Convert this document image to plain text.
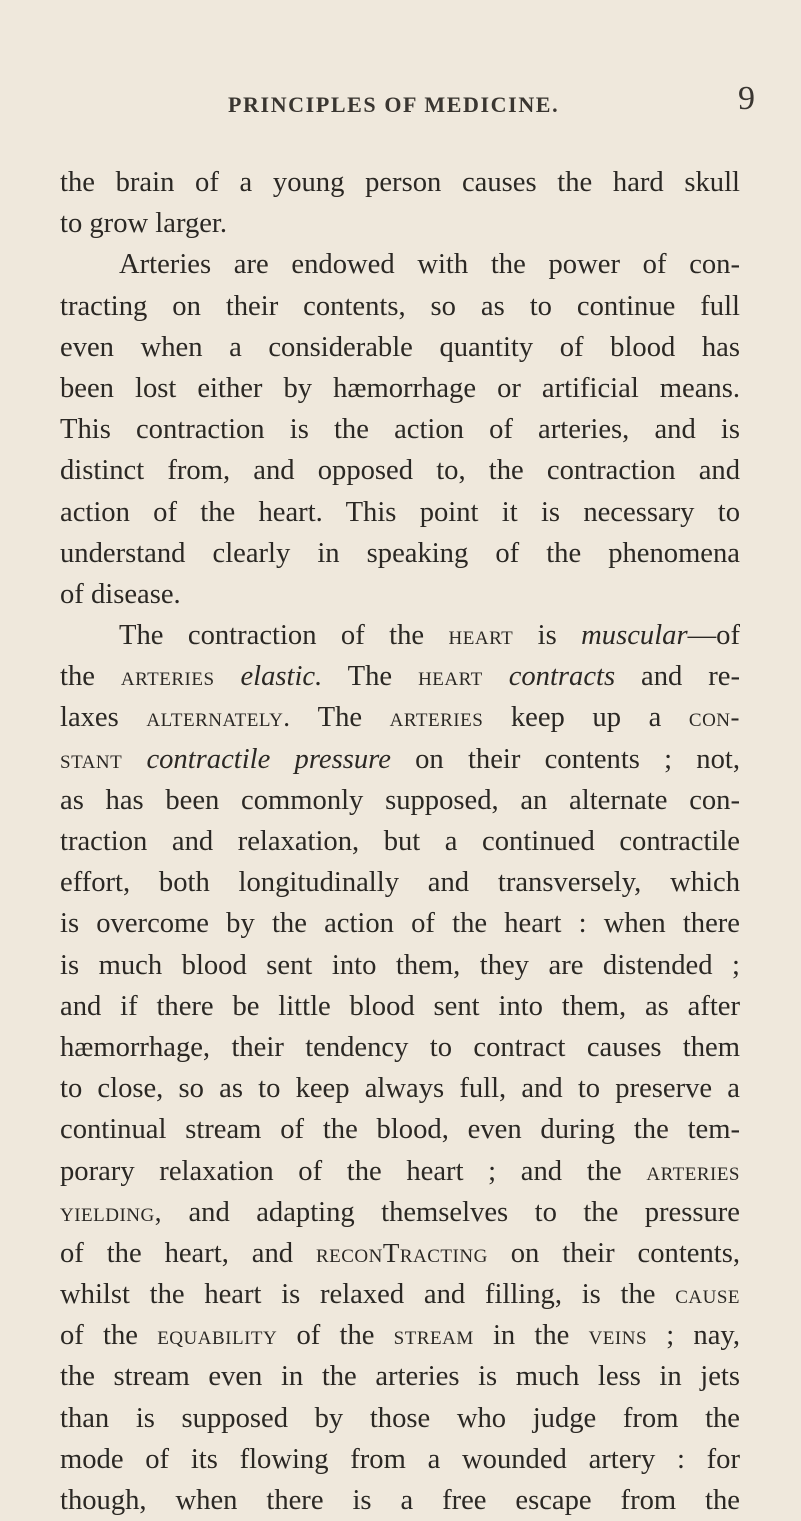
PRINCIPLES OF MEDICINE.	9
the brain of a young person causes the hard skull
to grow larger.
Arteries are endowed with the power of con-
tracting on their contents, so as to continue full
even when a considerable quantity of blood has
been lost either by hæmorrhage or artificial means.
This contraction is the action of arteries, and is
distinct from, and opposed to, the contraction and
action of the heart. This point it is necessary to
understand clearly in speaking of the phenomena
of disease.
The contraction of the heart is muscular—of
the arteries elastic. The heart contracts and re-
laxes alternately. The arteries keep up a con-
stant contractile pressure on their contents ; not,
as has been commonly supposed, an alternate con-
traction and relaxation, but a continued contractile
effort, both longitudinally and transversely, which
is overcome by the action of the heart : when there
is much blood sent into them, they are distended ;
and if there be little blood sent into them, as after
hæmorrhage, their tendency to contract causes them
to close, so as to keep always full, and to preserve a
continual stream of the blood, even during the tem-
porary relaxation of the heart ; and the arteries
yielding, and adapting themselves to the pressure
of the heart, and reconTracting on their contents,
whilst the heart is relaxed and filling, is the cause
of the equability of the stream in the veins ; nay,
the stream even in the arteries is much less in jets
than is supposed by those who judge from the
mode of its flowing from a wounded artery : for
though, when there is a free escape from the
